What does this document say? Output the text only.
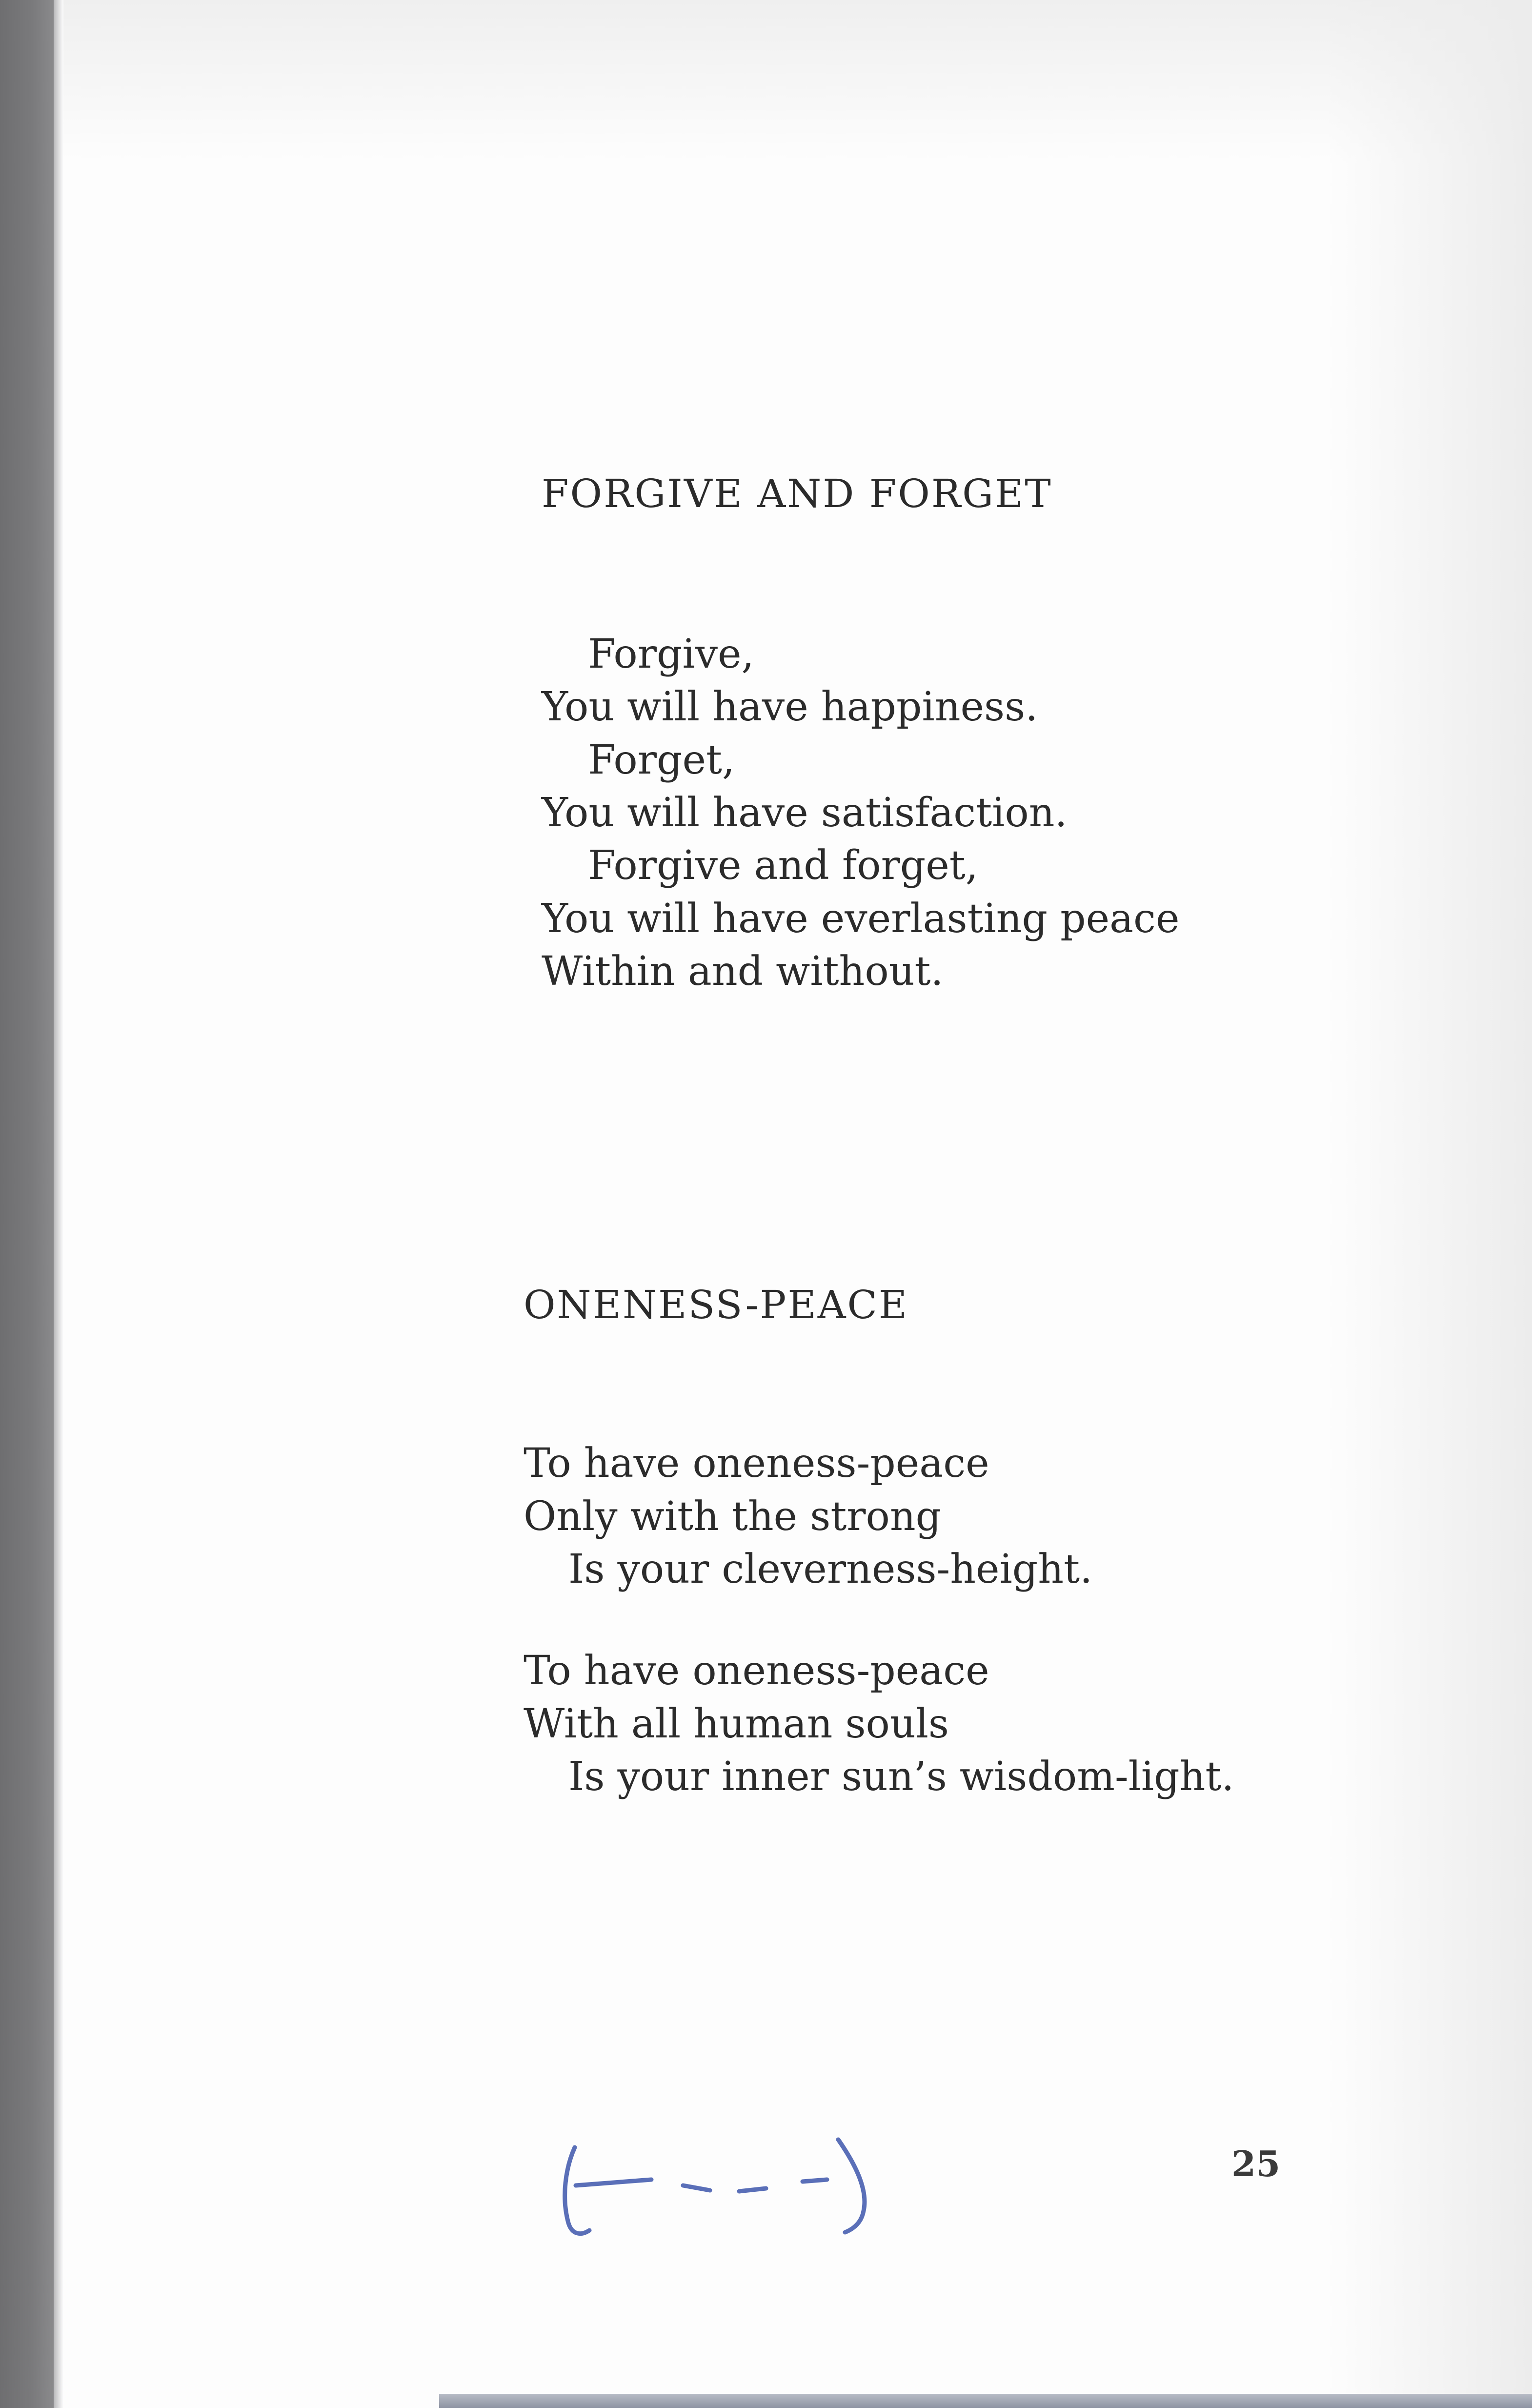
FORGIVE AND FORGET
Forgive,
You will have happiness.
Forget,
You will have satisfaction.
Forgive and forget,
You will have everlasting peace
Within and without.
ONENESS-PEACE
To have oneness-peace
Only with the strong
Is your cleverness-height.
To have oneness-peace
With all human souls
Is your inner sun’s wisdom-light.
25
